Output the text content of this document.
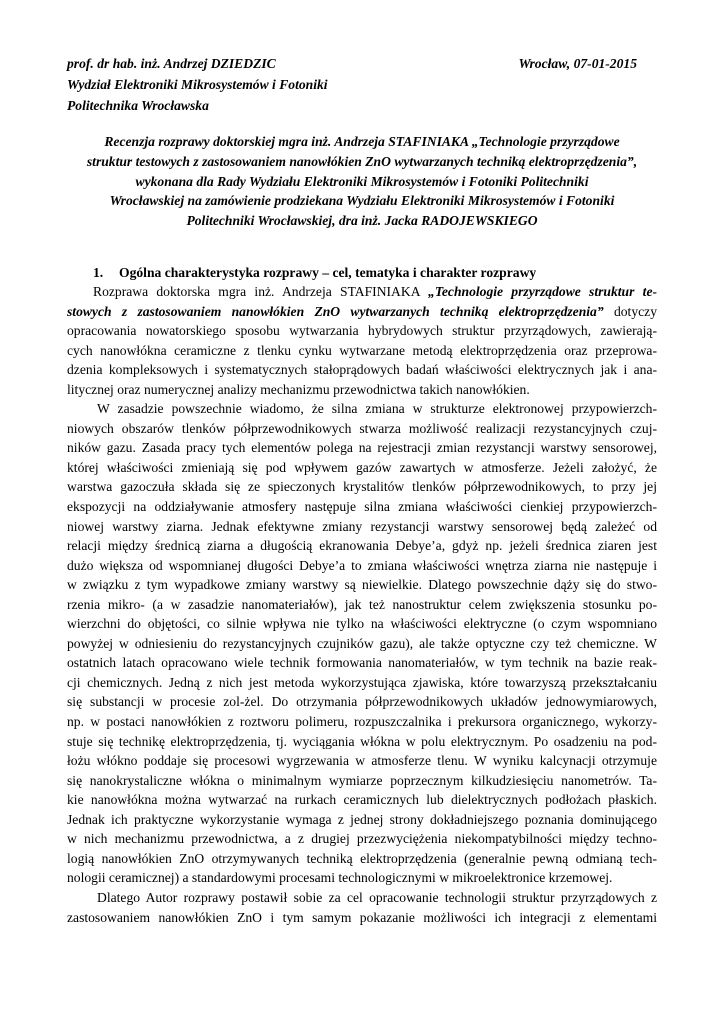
prof. dr hab. inż. Andrzej DZIEDZIC	Wrocław, 07-01-2015
Wydział Elektroniki Mikrosystemów i Fotoniki
Politechnika Wrocławska
Recenzja rozprawy doktorskiej mgra inż. Andrzeja STAFINIAKA „Technologie przyrządowe
struktur testowych z zastosowaniem nanowłókien ZnO wytwarzanych techniką elektroprzędzenia”,
wykonana dla Rady Wydziału Elektroniki Mikrosystemów i Fotoniki Politechniki
Wrocławskiej na zamówienie prodziekana Wydziału Elektroniki Mikrosystemów i Fotoniki
Politechniki Wrocławskiej, dra inż. Jacka RADOJEWSKIEGO
1. Ogólna charakterystyka rozprawy – cel, tematyka i charakter rozprawy
Rozprawa doktorska mgra inż. Andrzeja STAFINIAKA „Technologie przyrządowe struktur te-
stowych z zastosowaniem nanowłókien ZnO wytwarzanych techniką elektroprzędzenia” dotyczy
opracowania nowatorskiego sposobu wytwarzania hybrydowych struktur przyrządowych, zawierają-
cych nanowłókna ceramiczne z tlenku cynku wytwarzane metodą elektroprzędzenia oraz przeprowa-
dzenia kompleksowych i systematycznych stałoprądowych badań właściwości elektrycznych jak i ana-
litycznej oraz numerycznej analizy mechanizmu przewodnictwa takich nanowłókien.
W zasadzie powszechnie wiadomo, że silna zmiana w strukturze elektronowej przypowierzch-
niowych obszarów tlenków półprzewodnikowych stwarza możliwość realizacji rezystancyjnych czuj-
ników gazu. Zasada pracy tych elementów polega na rejestracji zmian rezystancji warstwy sensorowej,
której właściwości zmieniają się pod wpływem gazów zawartych w atmosferze. Jeżeli założyć, że
warstwa gazoczuła składa się ze spieczonych krystalitów tlenków półprzewodnikowych, to przy jej
ekspozycji na oddziaływanie atmosfery następuje silna zmiana właściwości cienkiej przypowierzch-
niowej warstwy ziarna. Jednak efektywne zmiany rezystancji warstwy sensorowej będą zależeć od
relacji między średnicą ziarna a długością ekranowania Debye’a, gdyż np. jeżeli średnica ziaren jest
dużo większa od wspomnianej długości Debye’a to zmiana właściwości wnętrza ziarna nie następuje i
w związku z tym wypadkowe zmiany warstwy są niewielkie. Dlatego powszechnie dąży się do stwo-
rzenia mikro- (a w zasadzie nanomateriałów), jak też nanostruktur celem zwiększenia stosunku po-
wierzchni do objętości, co silnie wpływa nie tylko na właściwości elektryczne (o czym wspomniano
powyżej w odniesieniu do rezystancyjnych czujników gazu), ale także optyczne czy też chemiczne. W
ostatnich latach opracowano wiele technik formowania nanomateriałów, w tym technik na bazie reak-
cji chemicznych. Jedną z nich jest metoda wykorzystująca zjawiska, które towarzyszą przekształcaniu
się substancji w procesie zol-żel. Do otrzymania półprzewodnikowych układów jednowymiarowych,
np. w postaci nanowłókien z roztworu polimeru, rozpuszczalnika i prekursora organicznego, wykorzy-
stuje się technikę elektroprzędzenia, tj. wyciągania włókna w polu elektrycznym. Po osadzeniu na pod-
łożu włókno poddaje się procesowi wygrzewania w atmosferze tlenu. W wyniku kalcynacji otrzymuje
się nanokrystaliczne włókna o minimalnym wymiarze poprzecznym kilkudziesięciu nanometrów. Ta-
kie nanowłókna można wytwarzać na rurkach ceramicznych lub dielektrycznych podłożach płaskich.
Jednak ich praktyczne wykorzystanie wymaga z jednej strony dokładniejszego poznania dominującego
w nich mechanizmu przewodnictwa, a z drugiej przezwyciężenia niekompatybilności między techno-
logią nanowłókien ZnO otrzymywanych techniką elektroprzędzenia (generalnie pewną odmianą tech-
nologii ceramicznej) a standardowymi procesami technologicznymi w mikroelektronice krzemowej.
Dlatego Autor rozprawy postawił sobie za cel opracowanie technologii struktur przyrządowych z
zastosowaniem nanowłókien ZnO i tym samym pokazanie możliwości ich integracji z elementami
